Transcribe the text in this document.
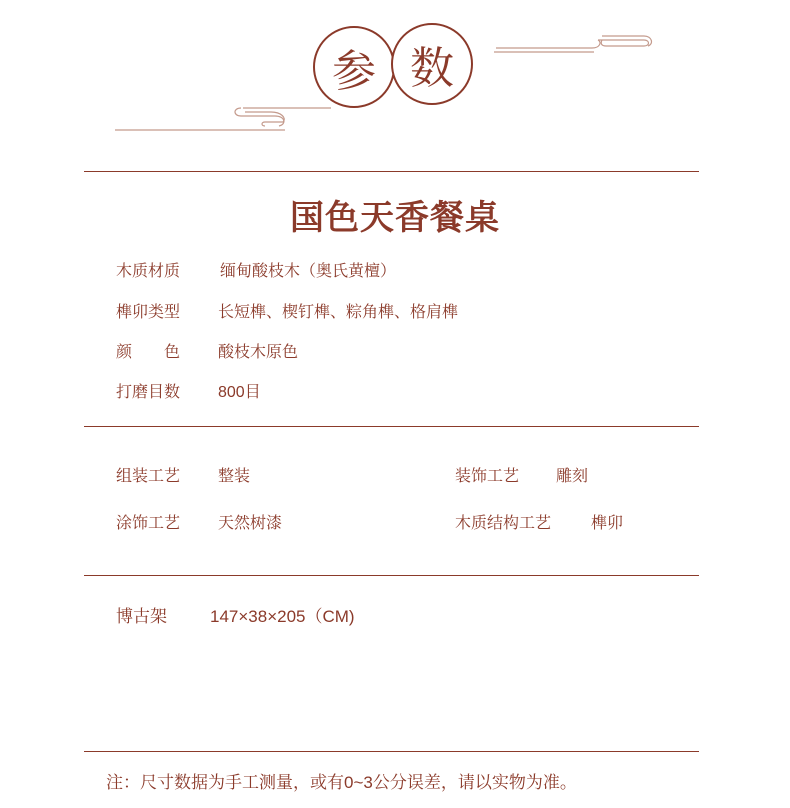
参 数
国色天香餐桌
木质材质 缅甸酸枝木（奥氏黄檀）
榫卯类型 长短榫、楔钉榫、粽角榫、格肩榫
颜　　色 酸枝木原色
打磨目数 800目
组装工艺 整装	装饰工艺 雕刻
涂饰工艺 天然树漆	木质结构工艺 榫卯
博古架	147×38×205（CM)
注：尺寸数据为手工测量，或有0~3公分误差，请以实物为准。
